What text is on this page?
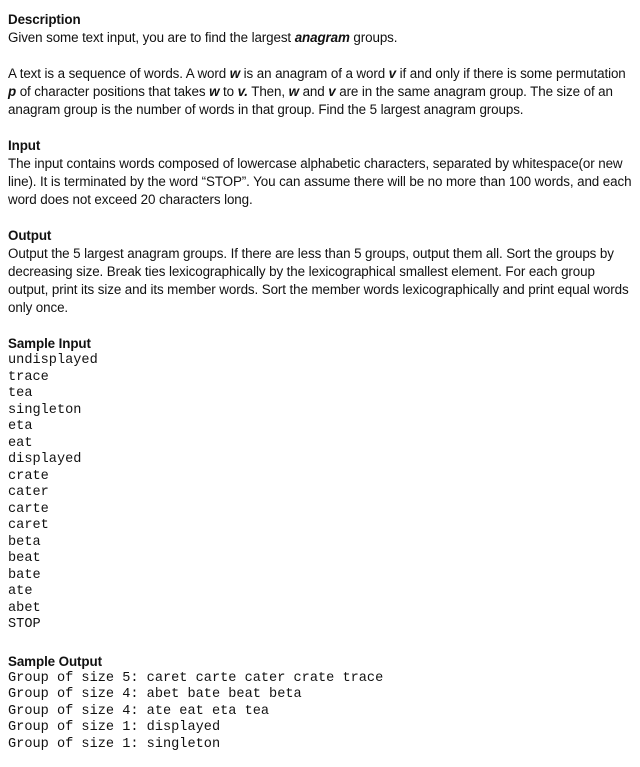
Description

Given some text input, you are to find the largest anagram groups.

A text is a sequence of words. A word w is an anagram of a word v if and only if there is some permutation p of character positions that takes w to v. Then, w and v are in the same anagram group. The size of an anagram group is the number of words in that group. Find the 5 largest anagram groups.

Input

The input contains words composed of lowercase alphabetic characters, separated by whitespace(or new line). It is terminated by the word “STOP”. You can assume there will be no more than 100 words, and each word does not exceed 20 characters long.

Output

Output the 5 largest anagram groups. If there are less than 5 groups, output them all. Sort the groups by decreasing size. Break ties lexicographically by the lexicographical smallest element. For each group output, print its size and its member words. Sort the member words lexicographically and print equal words only once.

Sample Input

undisplayed
trace
tea
singleton
eta
eat
displayed
crate
cater
carte
caret
beta
beat
bate
ate
abet
STOP

Sample Output

Group of size 5: caret carte cater crate trace
Group of size 4: abet bate beat beta
Group of size 4: ate eat eta tea
Group of size 1: displayed
Group of size 1: singleton
